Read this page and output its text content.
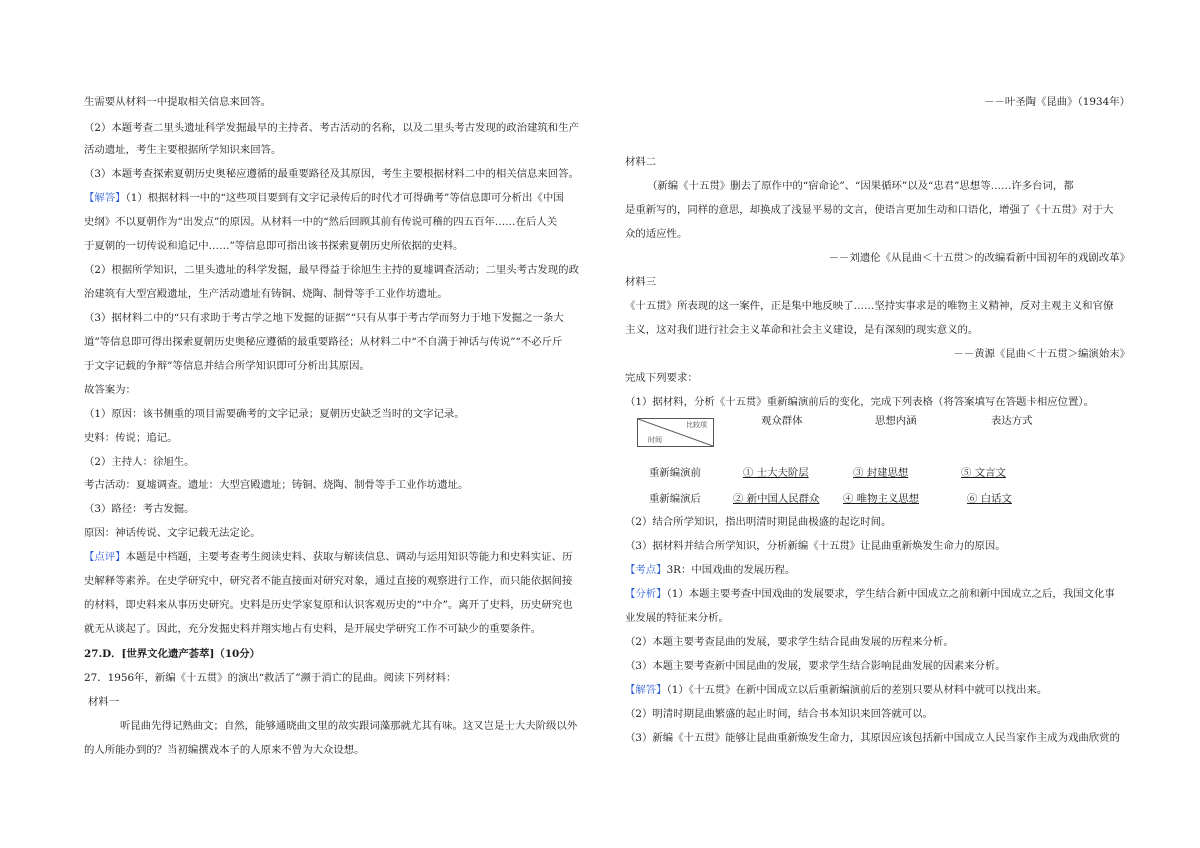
生需要从材料一中提取相关信息来回答。
（2）本题考查二里头遗址科学发掘最早的主持者、考古活动的名称，以及二里头考古发现的政治建筑和生产
活动遗址，考生主要根据所学知识来回答。
（3）本题考查探索夏朝历史奥秘应遵循的最重要路径及其原因，考生主要根据材料二中的相关信息来回答。
【解答】（1）根据材料一中的“这些项目要到有文字记录传后的时代才可得确考”等信息即可分析出《中国
史纲》不以夏朝作为“出发点”的原因。从材料一中的“然后回顾其前有传说可稽的四五百年……在后人关
于夏朝的一切传说和追记中……”等信息即可指出该书探索夏朝历史所依据的史料。
（2）根据所学知识，二里头遗址的科学发掘，最早得益于徐旭生主持的夏墟调查活动；二里头考古发现的政
治建筑有大型宫殿遗址，生产活动遗址有铸铜、烧陶、制骨等手工业作坊遗址。
（3）据材料二中的“只有求助于考古学之地下发掘的证据”“只有从事于考古学而努力于地下发掘之一条大
道”等信息即可得出探索夏朝历史奥秘应遵循的最重要路径；从材料二中“不自满于神话与传说”“不必斤斤
于文字记载的争辩”等信息并结合所学知识即可分析出其原因。
故答案为：
（1）原因：该书侧重的项目需要确考的文字记录；夏朝历史缺乏当时的文字记录。
史料：传说；追记。
（2）主持人：徐旭生。
考古活动：夏墟调查。遗址：大型宫殿遗址；铸铜、烧陶、制骨等手工业作坊遗址。
（3）路径：考古发掘。
原因：神话传说、文字记载无法定论。
【点评】本题是中档题，主要考查考生阅读史料、获取与解读信息、调动与运用知识等能力和史料实证、历
史解释等素养。在史学研究中，研究者不能直接面对研究对象，通过直接的观察进行工作，而只能依据间接
的材料，即史料来从事历史研究。史料是历史学家复原和认识客观历史的“中介”。离开了史料，历史研究也
就无从谈起了。因此，充分发掘史料并翔实地占有史料，是开展史学研究工作不可缺少的重要条件。
27.D．[世界文化遗产荟萃]（10分）
27．1956年，新编《十五贯》的演出“救活了”濒于消亡的昆曲。阅读下列材料：
材料一
听昆曲先得记熟曲文；自然，能够通晓曲文里的故实跟词藻那就尤其有味。这又岂是士大夫阶级以外
的人所能办到的？当初编撰戏本子的人原来不曾为大众设想。
－－叶圣陶《昆曲》（1934年）
材料二
（新编《十五贯》删去了原作中的“宿命论”、“因果循环”以及“忠君”思想等……许多台词，都
是重新写的，同样的意思，却换成了浅显平易的文言，使语言更加生动和口语化，增强了《十五贯》对于大
众的适应性。
－－刘遗伦《从昆曲＜十五贯＞的改编看新中国初年的戏剧改革》
材料三
《十五贯》所表现的这一案件，正是集中地反映了……坚持实事求是的唯物主义精神，反对主观主义和官僚
主义，这对我们进行社会主义革命和社会主义建设，是有深刻的现实意义的。
－－黄源《昆曲＜十五贯＞编演始末》
完成下列要求：
（1）据材料，分析《十五贯》重新编演前后的变化，完成下列表格（将答案填写在答题卡相应位置）。
比较项
时间
观众群体	思想内涵	表达方式
重新编演前	① 士大夫阶层	③ 封建思想	⑤ 文言文
重新编演后	② 新中国人民群众 ④ 唯物主义思想	⑥ 白话文
（2）结合所学知识，指出明清时期昆曲极盛的起讫时间。
（3）据材料并结合所学知识，分析新编《十五贯》让昆曲重新焕发生命力的原因。
【考点】3R：中国戏曲的发展历程。
【分析】（1）本题主要考查中国戏曲的发展要求，学生结合新中国成立之前和新中国成立之后，我国文化事
业发展的特征来分析。
（2）本题主要考查昆曲的发展，要求学生结合昆曲发展的历程来分析。
（3）本题主要考查新中国昆曲的发展，要求学生结合影响昆曲发展的因素来分析。
【解答】（1）《十五贯》在新中国成立以后重新编演前后的差别只要从材料中就可以找出来。
（2）明清时期昆曲繁盛的起止时间，结合书本知识来回答就可以。
（3）新编《十五贯》能够让昆曲重新焕发生命力，其原因应该包括新中国成立人民当家作主成为戏曲欣赏的
